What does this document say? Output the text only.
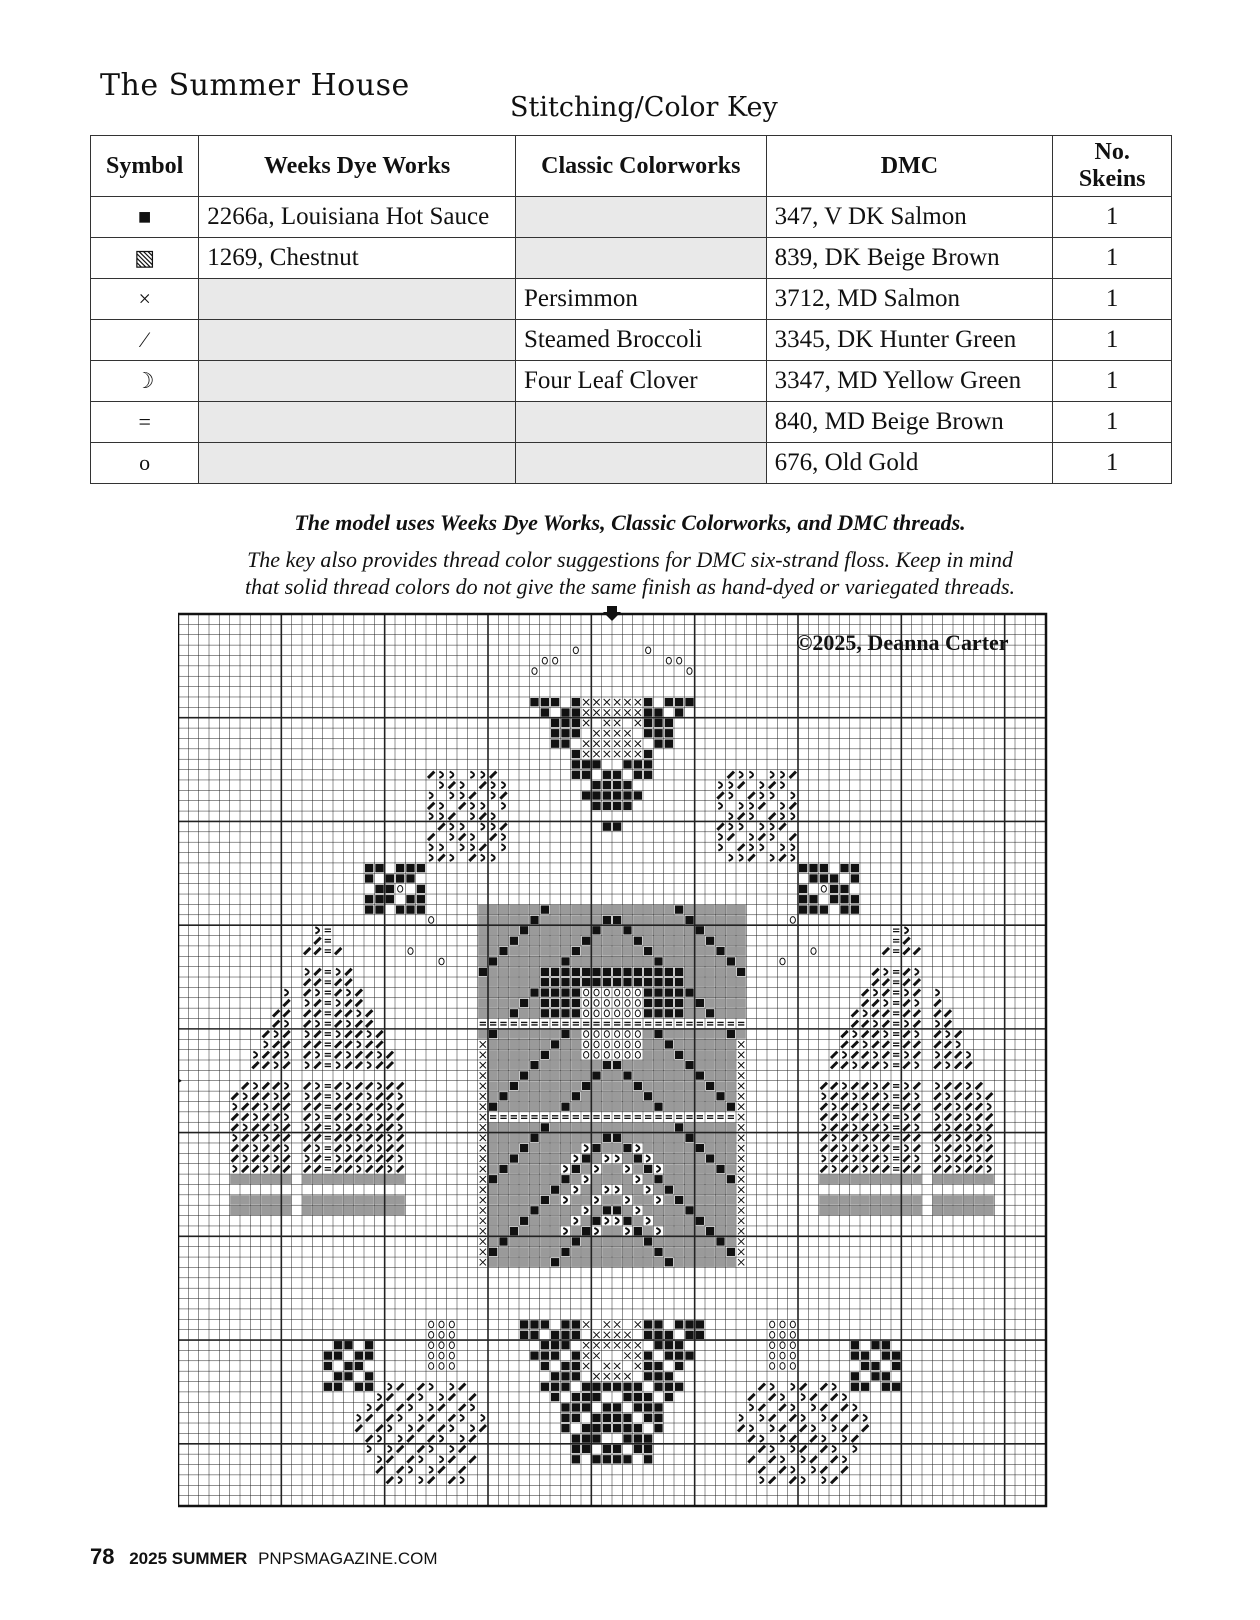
The Summer House
Stitching/Color Key
Symbol	Weeks Dye Works	Classic Colorworks	DMC	No. Skeins
■	2266a, Louisiana Hot Sauce		347, V DK Salmon	1
▧	1269, Chestnut		839, DK Beige Brown	1
×		Persimmon	3712, MD Salmon	1
⁄		Steamed Broccoli	3345, DK Hunter Green	1
☽		Four Leaf Clover	3347, MD Yellow Green	1
=			840, MD Beige Brown	1
o			676, Old Gold	1
The model uses Weeks Dye Works, Classic Colorworks, and DMC threads.
The key also provides thread color suggestions for DMC six-strand floss. Keep in mind
that solid thread colors do not give the same finish as hand-dyed or variegated threads.
©2025, Deanna Carter
78 2025 SUMMER PNPSMAGAZINE.COM
